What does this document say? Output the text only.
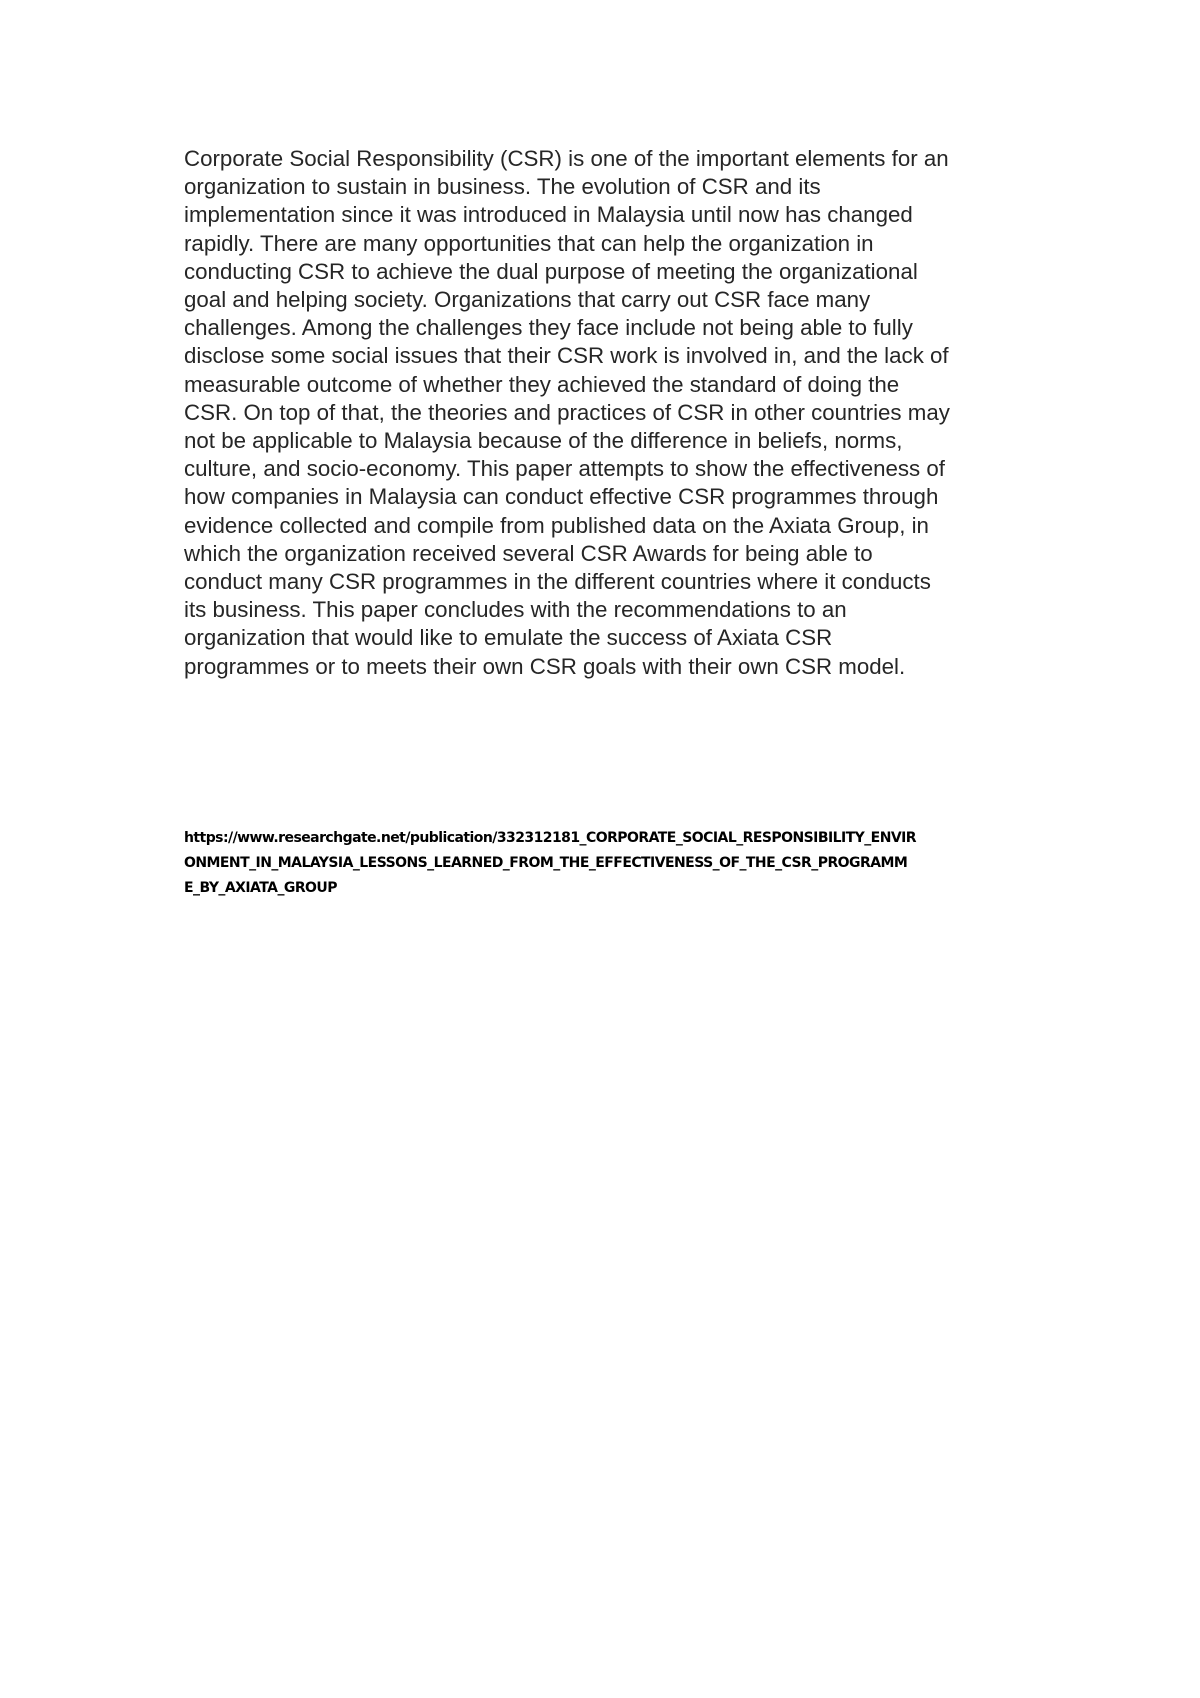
Corporate Social Responsibility (CSR) is one of the important elements for an
organization to sustain in business. The evolution of CSR and its
implementation since it was introduced in Malaysia until now has changed
rapidly. There are many opportunities that can help the organization in
conducting CSR to achieve the dual purpose of meeting the organizational
goal and helping society. Organizations that carry out CSR face many
challenges. Among the challenges they face include not being able to fully
disclose some social issues that their CSR work is involved in, and the lack of
measurable outcome of whether they achieved the standard of doing the
CSR. On top of that, the theories and practices of CSR in other countries may
not be applicable to Malaysia because of the difference in beliefs, norms,
culture, and socio-economy. This paper attempts to show the effectiveness of
how companies in Malaysia can conduct effective CSR programmes through
evidence collected and compile from published data on the Axiata Group, in
which the organization received several CSR Awards for being able to
conduct many CSR programmes in the different countries where it conducts
its business. This paper concludes with the recommendations to an
organization that would like to emulate the success of Axiata CSR
programmes or to meets their own CSR goals with their own CSR model.

https://www.researchgate.net/publication/332312181_CORPORATE_SOCIAL_RESPONSIBILITY_ENVIR
ONMENT_IN_MALAYSIA_LESSONS_LEARNED_FROM_THE_EFFECTIVENESS_OF_THE_CSR_PROGRAMM
E_BY_AXIATA_GROUP
